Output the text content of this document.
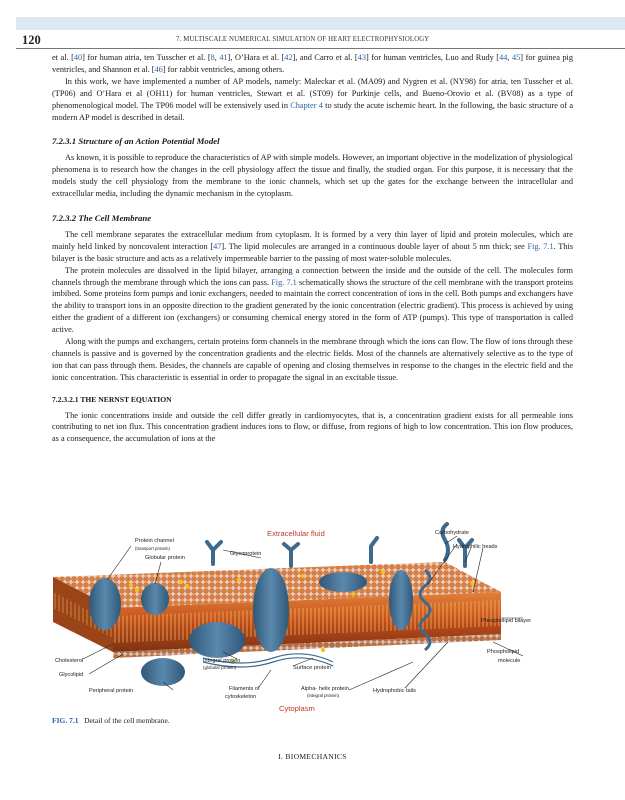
120	7. MULTISCALE NUMERICAL SIMULATION OF HEART ELECTROPHYSIOLOGY

et al. [40] for human atria, ten Tusscher et al. [8, 41], O’Hara et al. [42], and Carro et al. [43] for human ventricles, Luo and Rudy [44, 45] for guinea pig ventricles, and Shannon et al. [46] for rabbit ventricles, among others.

In this work, we have implemented a number of AP models, namely: Maleckar et al. (MA09) and Nygren et al. (NY98) for atria, ten Tusscher et al. (TP06) and O’Hara et al (OH11) for human ventricles, Stewart et al. (ST09) for Purkinje cells, and Bueno-Orovio et al. (BV08) as a type of phenomenological model. The TP06 model will be extensively used in Chapter 4 to study the acute ischemic heart. In the following, the basic structure of a modern AP model is described in detail.

7.2.3.1 Structure of an Action Potential Model

As known, it is possible to reproduce the characteristics of AP with simple models. However, an important objective in the modelization of physiological phenomena is to research how the changes in the cell physiology affect the tissue and finally, the studied organ. For this purpose, it is necessary that the models study the cell physiology from the membrane to the ionic channels, which set up the gates for the exchange between the intracellular and extracellular media, including the dynamic mechanism in the cytoplasm.

7.2.3.2 The Cell Membrane

The cell membrane separates the extracellular medium from cytoplasm. It is formed by a very thin layer of lipid and protein molecules, which are mainly held linked by noncovalent interaction [47]. The lipid molecules are arranged in a continuous double layer of about 5 nm thick; see Fig. 7.1. This bilayer is the basic structure and acts as a relatively impermeable barrier to the passing of most water-soluble molecules.

The protein molecules are dissolved in the lipid bilayer, arranging a connection between the inside and the outside of the cell. The molecules form channels through the membrane through which the ions can pass. Fig. 7.1 schematically shows the structure of the cell membrane with the transport proteins imbibed. Some proteins form pumps and ionic exchangers, needed to maintain the correct concentration of ions in the cell. Both pumps and exchangers have the ability to transport ions in an opposite direction to the gradient generated by the ionic concentration (electric gradient). This process is achieved by using either the gradient of a different ion (exchangers) or consuming chemical energy stored in the form of ATP (pumps). This type of transportation is called active.

Along with the pumps and exchangers, certain proteins form channels in the membrane through which the ions can flow. The flow of ions through these channels is passive and is governed by the concentration gradients and the electric fields. Most of the channels are alternatively selective as to the type of ion that can pass through them. Besides, the channels are capable of opening and closing themselves in response to the changes in the electric field and the ionic concentration. This characteristic is essential in order to propagate the signal in an excitable tissue.

7.2.3.2.1 THE NERNST EQUATION

The ionic concentrations inside and outside the cell differ greatly in cardiomyocytes, that is, a concentration gradient exists for all permeable ions contributing to net ion flux. This concentration gradient induces ions to flow, or diffuse, from regions of high to low concentration. This ion flow produces, as a consequence, the accumulation of ions at the

Extracellular fluid
Protein channel
(transport protein)
Globular protein
Glycoprotein
Carbohydrate
Hydrophilic heads
Phospholipid bilayer
Phospholipid
molecule
Cholesterol
Glycolipid
Integral protein
(globular protein)	Surface protein
Peripheral protein	Filaments of
cytoskeleton
Alpha- helix protein
(integral protein)
Hydrophobic tails
Cytoplasm
FIG. 7.1 Detail of the cell membrane.
I. BIOMECHANICS
